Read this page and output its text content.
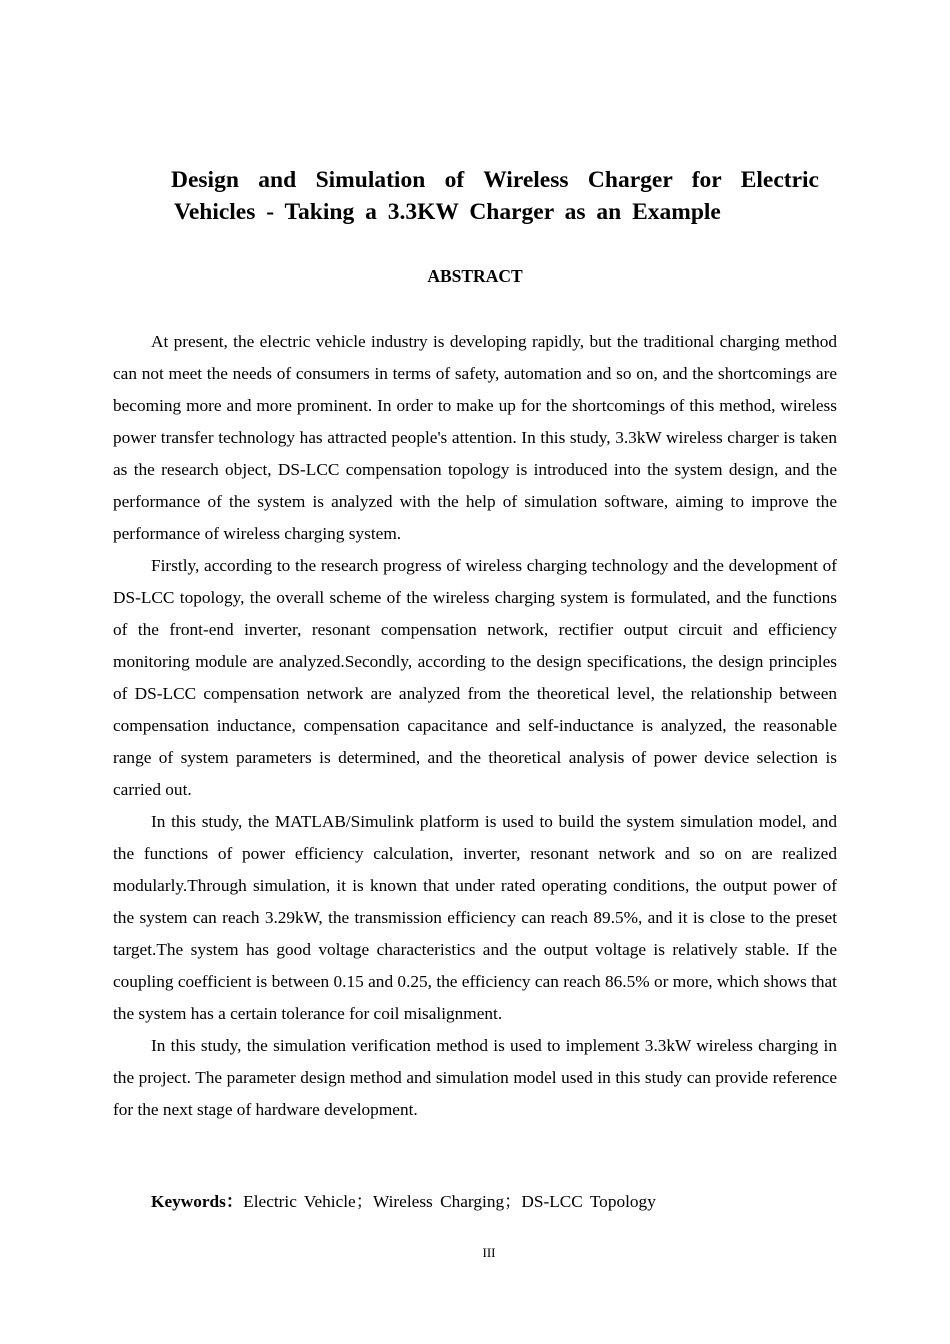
Design and Simulation of Wireless Charger for Electric
Vehicles - Taking a 3.3KW Charger as an Example
ABSTRACT

At present, the electric vehicle industry is developing rapidly, but the traditional charging method can not meet the needs of consumers in terms of safety, automation and so on, and the shortcomings are becoming more and more prominent. In order to make up for the shortcomings of this method, wireless power transfer technology has attracted people's attention. In this study, 3.3kW wireless charger is taken as the research object, DS-LCC compensation topology is introduced into the system design, and the performance of the system is analyzed with the help of simulation software, aiming to improve the performance of wireless charging system.

Firstly, according to the research progress of wireless charging technology and the development of DS-LCC topology, the overall scheme of the wireless charging system is formulated, and the functions of the front-end inverter, resonant compensation network, rectifier output circuit and efficiency monitoring module are analyzed.Secondly, according to the design specifications, the design principles of DS-LCC compensation network are analyzed from the theoretical level, the relationship between compensation inductance, compensation capacitance and self-inductance is analyzed, the reasonable range of system parameters is determined, and the theoretical analysis of power device selection is carried out.

In this study, the MATLAB/Simulink platform is used to build the system simulation model, and the functions of power efficiency calculation, inverter, resonant network and so on are realized modularly.Through simulation, it is known that under rated operating conditions, the output power of the system can reach 3.29kW, the transmission efficiency can reach 89.5%, and it is close to the preset target.The system has good voltage characteristics and the output voltage is relatively stable. If the coupling coefficient is between 0.15 and 0.25, the efficiency can reach 86.5% or more, which shows that the system has a certain tolerance for coil misalignment.

In this study, the simulation verification method is used to implement 3.3kW wireless charging in the project. The parameter design method and simulation model used in this study can provide reference for the next stage of hardware development.

Keywords：Electric Vehicle；Wireless Charging；DS-LCC Topology
III
